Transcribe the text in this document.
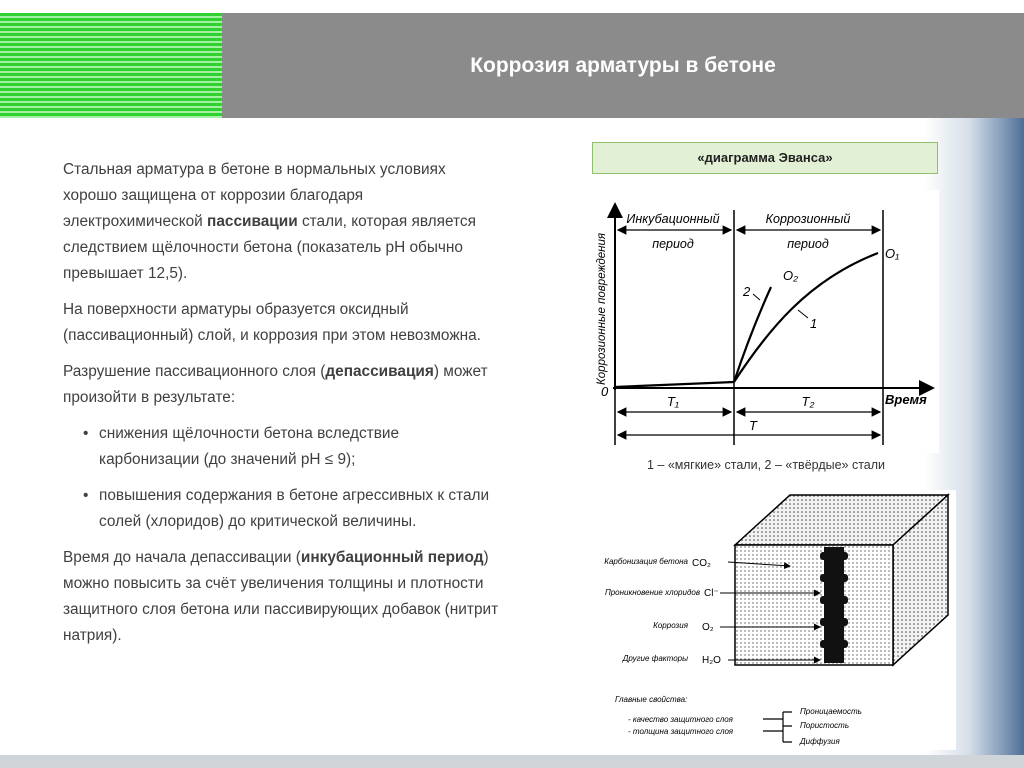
Коррозия арматуры в бетоне

Стальная арматура в бетоне в нормальных условиях хорошо защищена от коррозии благодаря электрохимической пассивации стали, которая является следствием щёлочности бетона (показатель pH обычно превышает 12,5).

На поверхности арматуры образуется оксидный (пассивационный) слой, и коррозия при этом невозможна.

Разрушение пассивационного слоя (депассивация) может произойти в результате:

• снижения щёлочности бетона вследствие карбонизации (до значений pH ≤ 9);
• повышения содержания в бетоне агрессивных к стали солей (хлоридов) до критической величины.

Время до начала депассивации (инкубационный период) можно повысить за счёт увеличения толщины и плотности защитного слоя бетона или пассивирующих добавок (нитрит натрия).

«диаграмма Эванса»
Коррозионные повреждения
Время
Инкубационный
период
Коррозионный
период
0
T₁	T₂
T
1
2
O₁
O₂
1 – «мягкие» стали, 2 – «твёрдые» стали
Карбонизация бетона CO₂
Проникновение хлоридов Cl⁻
Коррозия O₂
Другие факторы H₂O
Главные свойства:
- качество защитного слоя
- толщина защитного слоя
Проницаемость
Пористость
Диффузия
